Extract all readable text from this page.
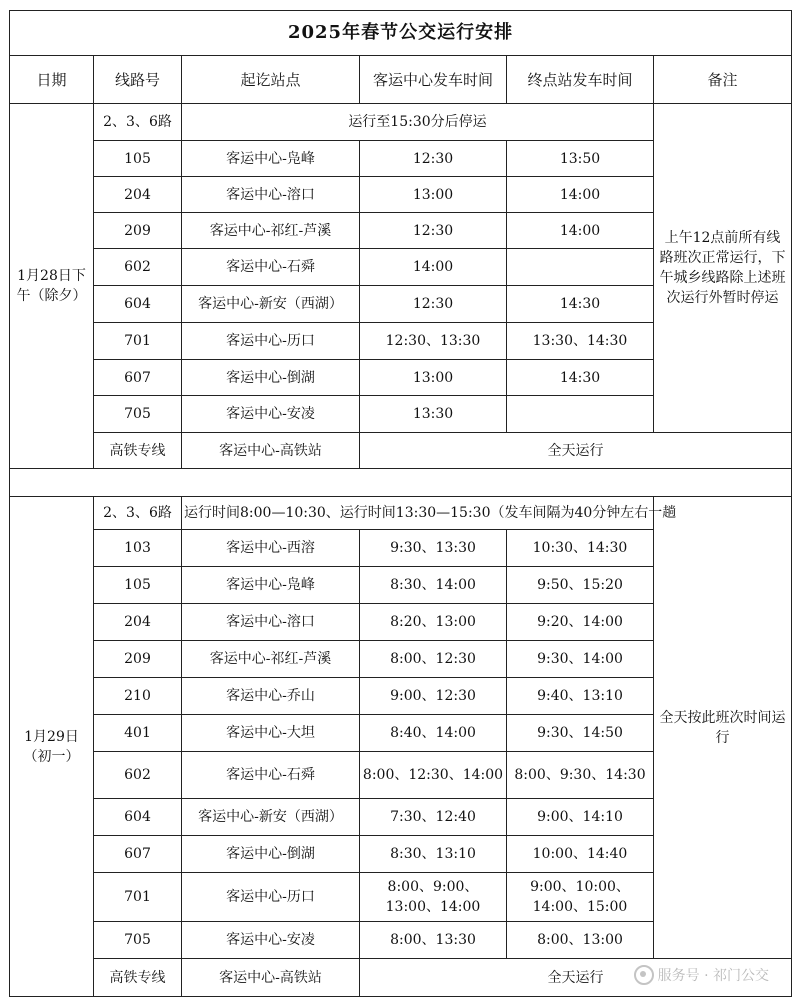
2025年春节公交运行安排					
日期	线路号	起讫站点	客运中心发车时间	终点站发车时间	备注
1月28日下午（除夕）	2、3、6路	运行至15:30分后停运			上午12点前所有线路班次正常运行，下午城乡线路除上述班次运行外暂时停运
	105	客运中心-凫峰	12:30	13:50	
	204	客运中心-溶口	13:00	14:00	
	209	客运中心-祁红-芦溪	12:30	14:00	
	602	客运中心-石舜	14:00		
	604	客运中心-新安（西湖）	12:30	14:30	
	701	客运中心-历口	12:30、13:30	13:30、14:30	
	607	客运中心-倒湖	13:00	14:30	
	705	客运中心-安凌	13:30		
	高铁专线	客运中心-高铁站	全天运行		

1月29日（初一）	2、3、6路	运行时间8:00—10:30、运行时间13:30—15:30（发车间隔为40分钟左右一趟			全天按此班次时间运行
	103	客运中心-西溶	9:30、13:30	10:30、14:30	
	105	客运中心-凫峰	8:30、14:00	9:50、15:20	
	204	客运中心-溶口	8:20、13:00	9:20、14:00	
	209	客运中心-祁红-芦溪	8:00、12:30	9:30、14:00	
	210	客运中心-乔山	9:00、12:30	9:40、13:10	
	401	客运中心-大坦	8:40、14:00	9:30、14:50	
	602	客运中心-石舜	8:00、12:30、14:00	8:00、9:30、14:30	
	604	客运中心-新安（西湖）	7:30、12:40	9:00、14:10	
	607	客运中心-倒湖	8:30、13:10	10:00、14:40	
	701	客运中心-历口	8:00、9:00、13:00、14:00	9:00、10:00、14:00、15:00	
	705	客运中心-安凌	8:00、13:30	8:00、13:00	
	高铁专线	客运中心-高铁站	全天运行			服务号 · 祁门公交
